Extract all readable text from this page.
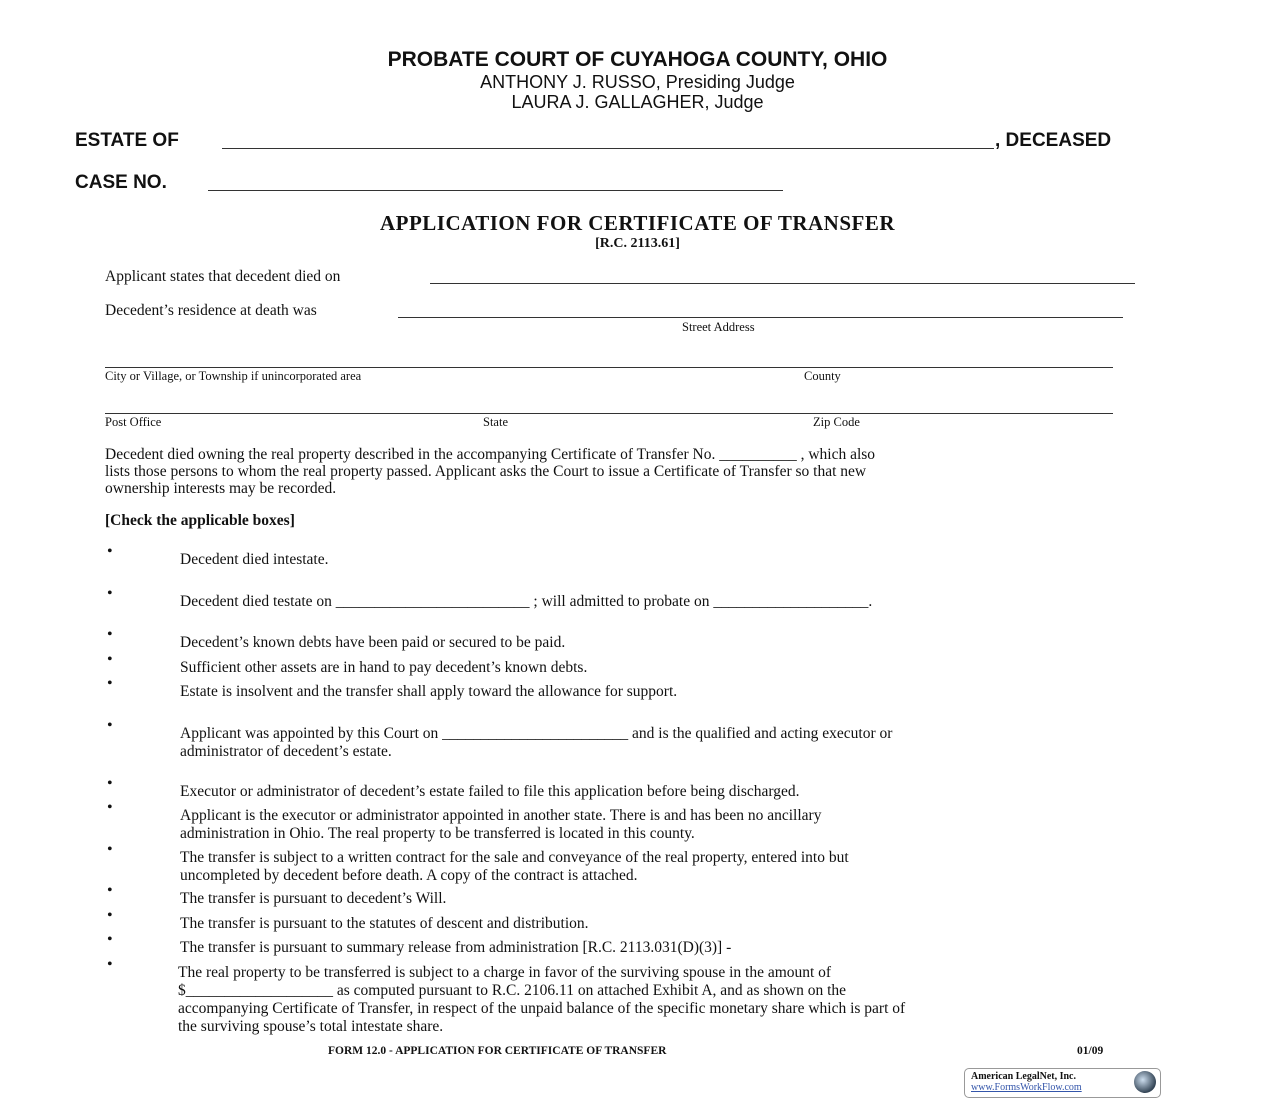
PROBATE COURT OF CUYAHOGA COUNTY, OHIO
ANTHONY J. RUSSO, Presiding Judge
LAURA J. GALLAGHER, Judge
ESTATE OF	, DECEASED
CASE NO.
APPLICATION FOR CERTIFICATE OF TRANSFER
[R.C. 2113.61]
Applicant states that decedent died on
Decedent’s residence at death was
Street Address
City or Village, or Township if unincorporated area	County
Post Office	State	Zip Code
Decedent died owning the real property described in the accompanying Certificate of Transfer No. __________ , which also
lists those persons to whom the real property passed. Applicant asks the Court to issue a Certificate of Transfer so that new
ownership interests may be recorded.
[Check the applicable boxes]
•	Decedent died intestate.
•	Decedent died testate on _________________________ ; will admitted to probate on ____________________.
•	Decedent’s known debts have been paid or secured to be paid.
•	Sufficient other assets are in hand to pay decedent’s known debts.
•	Estate is insolvent and the transfer shall apply toward the allowance for support.
•	Applicant was appointed by this Court on ________________________ and is the qualified and acting executor or
administrator of decedent’s estate.
•	Executor or administrator of decedent’s estate failed to file this application before being discharged.
•	Applicant is the executor or administrator appointed in another state. There is and has been no ancillary
administration in Ohio. The real property to be transferred is located in this county.
•	The transfer is subject to a written contract for the sale and conveyance of the real property, entered into but
uncompleted by decedent before death. A copy of the contract is attached.
•	The transfer is pursuant to decedent’s Will.
•	The transfer is pursuant to the statutes of descent and distribution.
•	The transfer is pursuant to summary release from administration [R.C. 2113.031(D)(3)] -
•	The real property to be transferred is subject to a charge in favor of the surviving spouse in the amount of
$___________________ as computed pursuant to R.C. 2106.11 on attached Exhibit A, and as shown on the
accompanying Certificate of Transfer, in respect of the unpaid balance of the specific monetary share which is part of
the surviving spouse’s total intestate share.
FORM 12.0 - APPLICATION FOR CERTIFICATE OF TRANSFER	01/09
American LegalNet, Inc.
www.FormsWorkFlow.com
